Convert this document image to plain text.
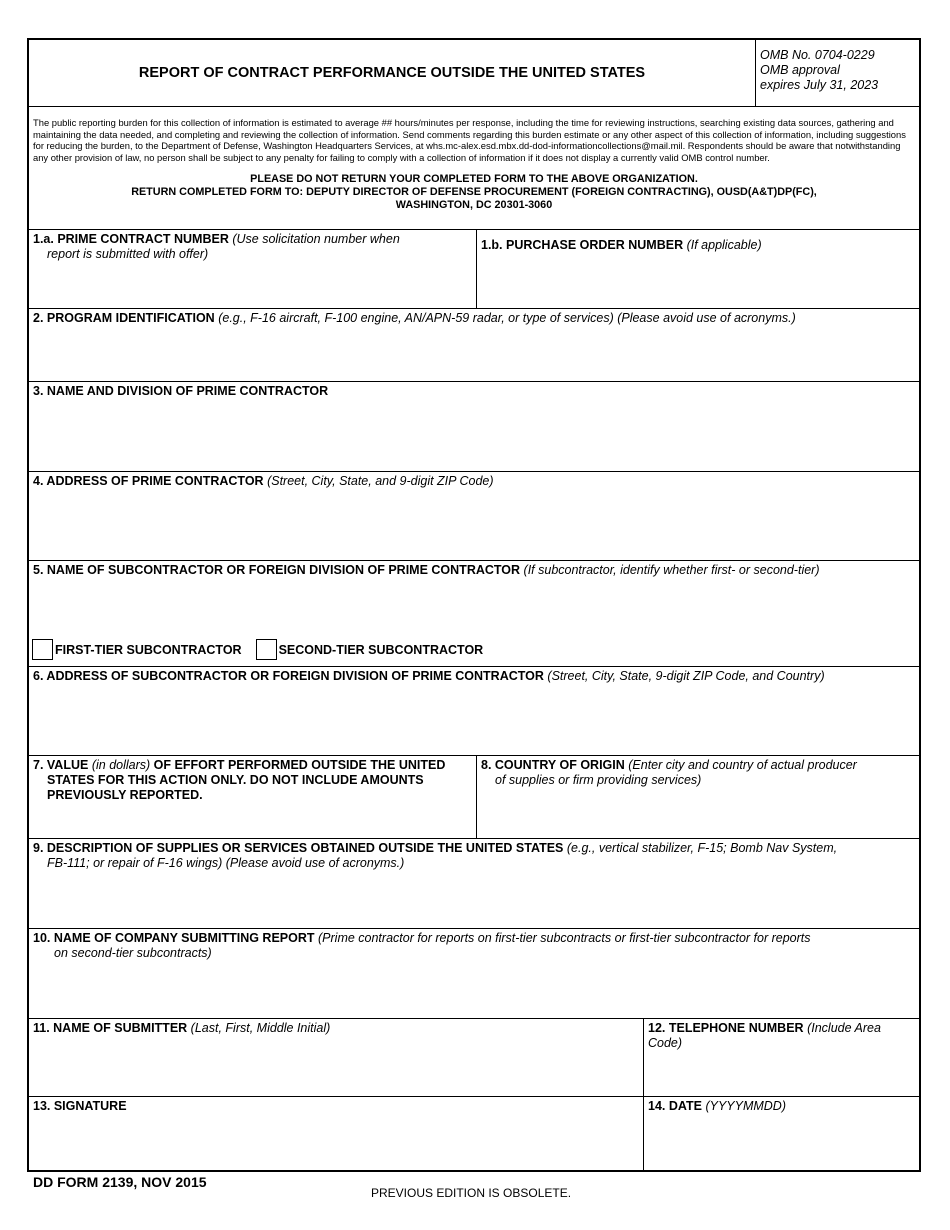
REPORT OF CONTRACT PERFORMANCE OUTSIDE THE UNITED STATES
OMB No. 0704-0229
OMB approval
expires July 31, 2023
The public reporting burden for this collection of information is estimated to average ## hours/minutes per response, including the time for reviewing instructions, searching existing data sources, gathering and maintaining the data needed, and completing and reviewing the collection of information. Send comments regarding this burden estimate or any other aspect of this collection of information, including suggestions for reducing the burden, to the Department of Defense, Washington Headquarters Services, at whs.mc-alex.esd.mbx.dd-dod-informationcollections@mail.mil. Respondents should be aware that notwithstanding any other provision of law, no person shall be subject to any penalty for failing to comply with a collection of information if it does not display a currently valid OMB control number.
PLEASE DO NOT RETURN YOUR COMPLETED FORM TO THE ABOVE ORGANIZATION.
RETURN COMPLETED FORM TO: DEPUTY DIRECTOR OF DEFENSE PROCUREMENT (FOREIGN CONTRACTING), OUSD(A&T)DP(FC),
WASHINGTON, DC 20301-3060
1.a. PRIME CONTRACT NUMBER (Use solicitation number when
report is submitted with offer)
1.b. PURCHASE ORDER NUMBER (If applicable)
2. PROGRAM IDENTIFICATION (e.g., F-16 aircraft, F-100 engine, AN/APN-59 radar, or type of services) (Please avoid use of acronyms.)
3. NAME AND DIVISION OF PRIME CONTRACTOR
4. ADDRESS OF PRIME CONTRACTOR (Street, City, State, and 9-digit ZIP Code)
5. NAME OF SUBCONTRACTOR OR FOREIGN DIVISION OF PRIME CONTRACTOR (If subcontractor, identify whether first- or second-tier)
FIRST-TIER SUBCONTRACTOR	SECOND-TIER SUBCONTRACTOR
6. ADDRESS OF SUBCONTRACTOR OR FOREIGN DIVISION OF PRIME CONTRACTOR (Street, City, State, 9-digit ZIP Code, and Country)
7. VALUE (in dollars) OF EFFORT PERFORMED OUTSIDE THE UNITED
STATES FOR THIS ACTION ONLY. DO NOT INCLUDE AMOUNTS
PREVIOUSLY REPORTED.
8. COUNTRY OF ORIGIN (Enter city and country of actual producer
of supplies or firm providing services)
9. DESCRIPTION OF SUPPLIES OR SERVICES OBTAINED OUTSIDE THE UNITED STATES (e.g., vertical stabilizer, F-15; Bomb Nav System,
FB-111; or repair of F-16 wings) (Please avoid use of acronyms.)
10. NAME OF COMPANY SUBMITTING REPORT (Prime contractor for reports on first-tier subcontracts or first-tier subcontractor for reports
on second-tier subcontracts)
11. NAME OF SUBMITTER (Last, First, Middle Initial)	12. TELEPHONE NUMBER (Include Area Code)
13. SIGNATURE	14. DATE (YYYYMMDD)
DD FORM 2139, NOV 2015
PREVIOUS EDITION IS OBSOLETE.
